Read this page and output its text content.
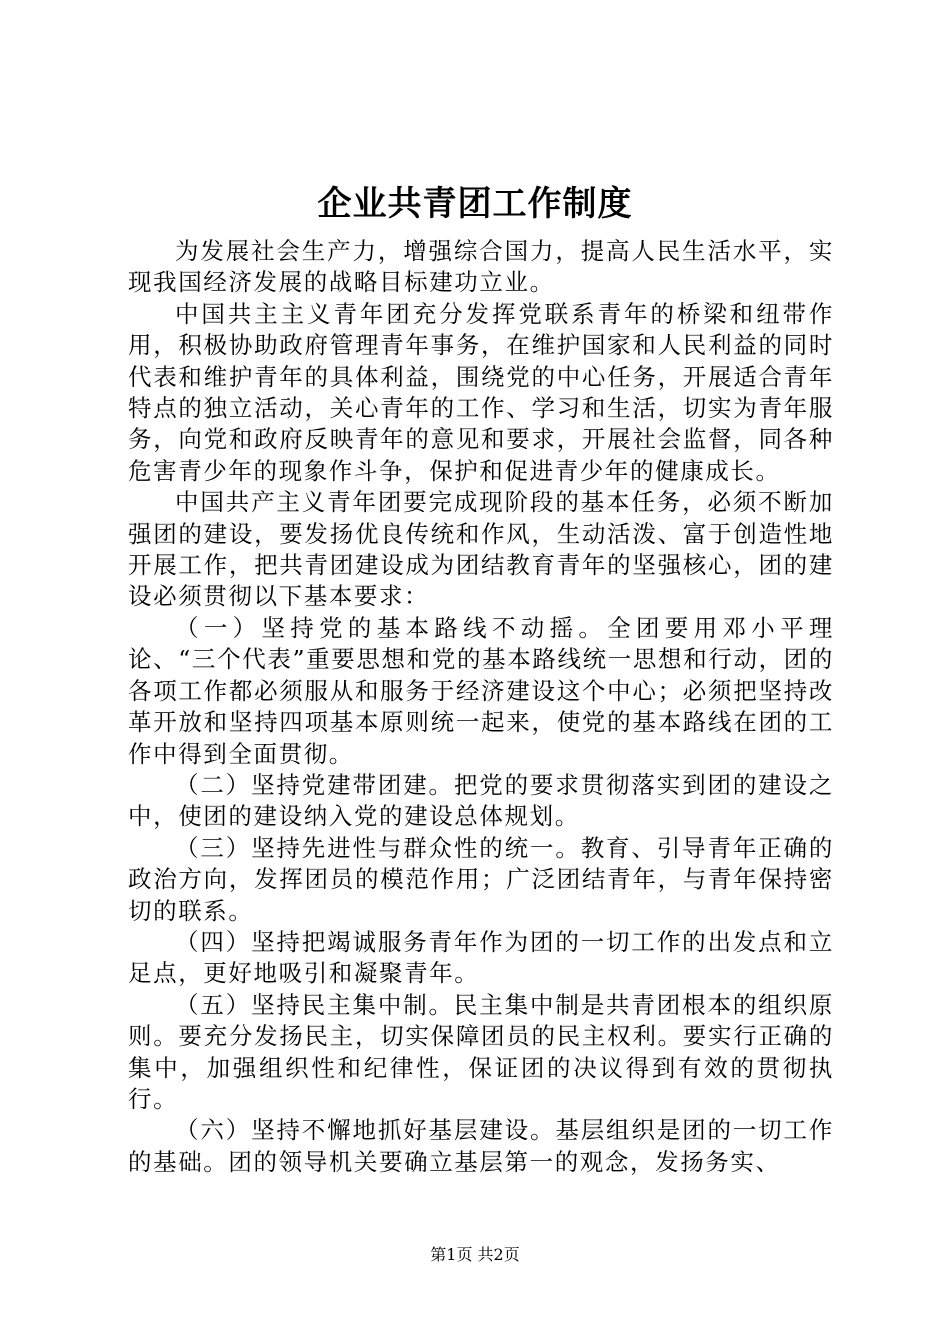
企业共青团工作制度

为发展社会生产力，增强综合国力，提高人民生活水平，实现我国经济发展的战略目标建功立业。

中国共主主义青年团充分发挥党联系青年的桥梁和纽带作用，积极协助政府管理青年事务，在维护国家和人民利益的同时代表和维护青年的具体利益，围绕党的中心任务，开展适合青年特点的独立活动，关心青年的工作、学习和生活，切实为青年服务，向党和政府反映青年的意见和要求，开展社会监督，同各种危害青少年的现象作斗争，保护和促进青少年的健康成长。

中国共产主义青年团要完成现阶段的基本任务，必须不断加强团的建设，要发扬优良传统和作风，生动活泼、富于创造性地开展工作，把共青团建设成为团结教育青年的坚强核心，团的建设必须贯彻以下基本要求：

（一）坚持党的基本路线不动摇。全团要用邓小平理论、“三个代表”重要思想和党的基本路线统一思想和行动，团的各项工作都必须服从和服务于经济建设这个中心；必须把坚持改革开放和坚持四项基本原则统一起来，使党的基本路线在团的工作中得到全面贯彻。

（二）坚持党建带团建。把党的要求贯彻落实到团的建设之中，使团的建设纳入党的建设总体规划。

（三）坚持先进性与群众性的统一。教育、引导青年正确的政治方向，发挥团员的模范作用；广泛团结青年，与青年保持密切的联系。

（四）坚持把竭诚服务青年作为团的一切工作的出发点和立足点，更好地吸引和凝聚青年。

（五）坚持民主集中制。民主集中制是共青团根本的组织原则。要充分发扬民主，切实保障团员的民主权利。要实行正确的集中，加强组织性和纪律性，保证团的决议得到有效的贯彻执行。

（六）坚持不懈地抓好基层建设。基层组织是团的一切工作的基础。团的领导机关要确立基层第一的观念，发扬务实、

第1页 共2页
